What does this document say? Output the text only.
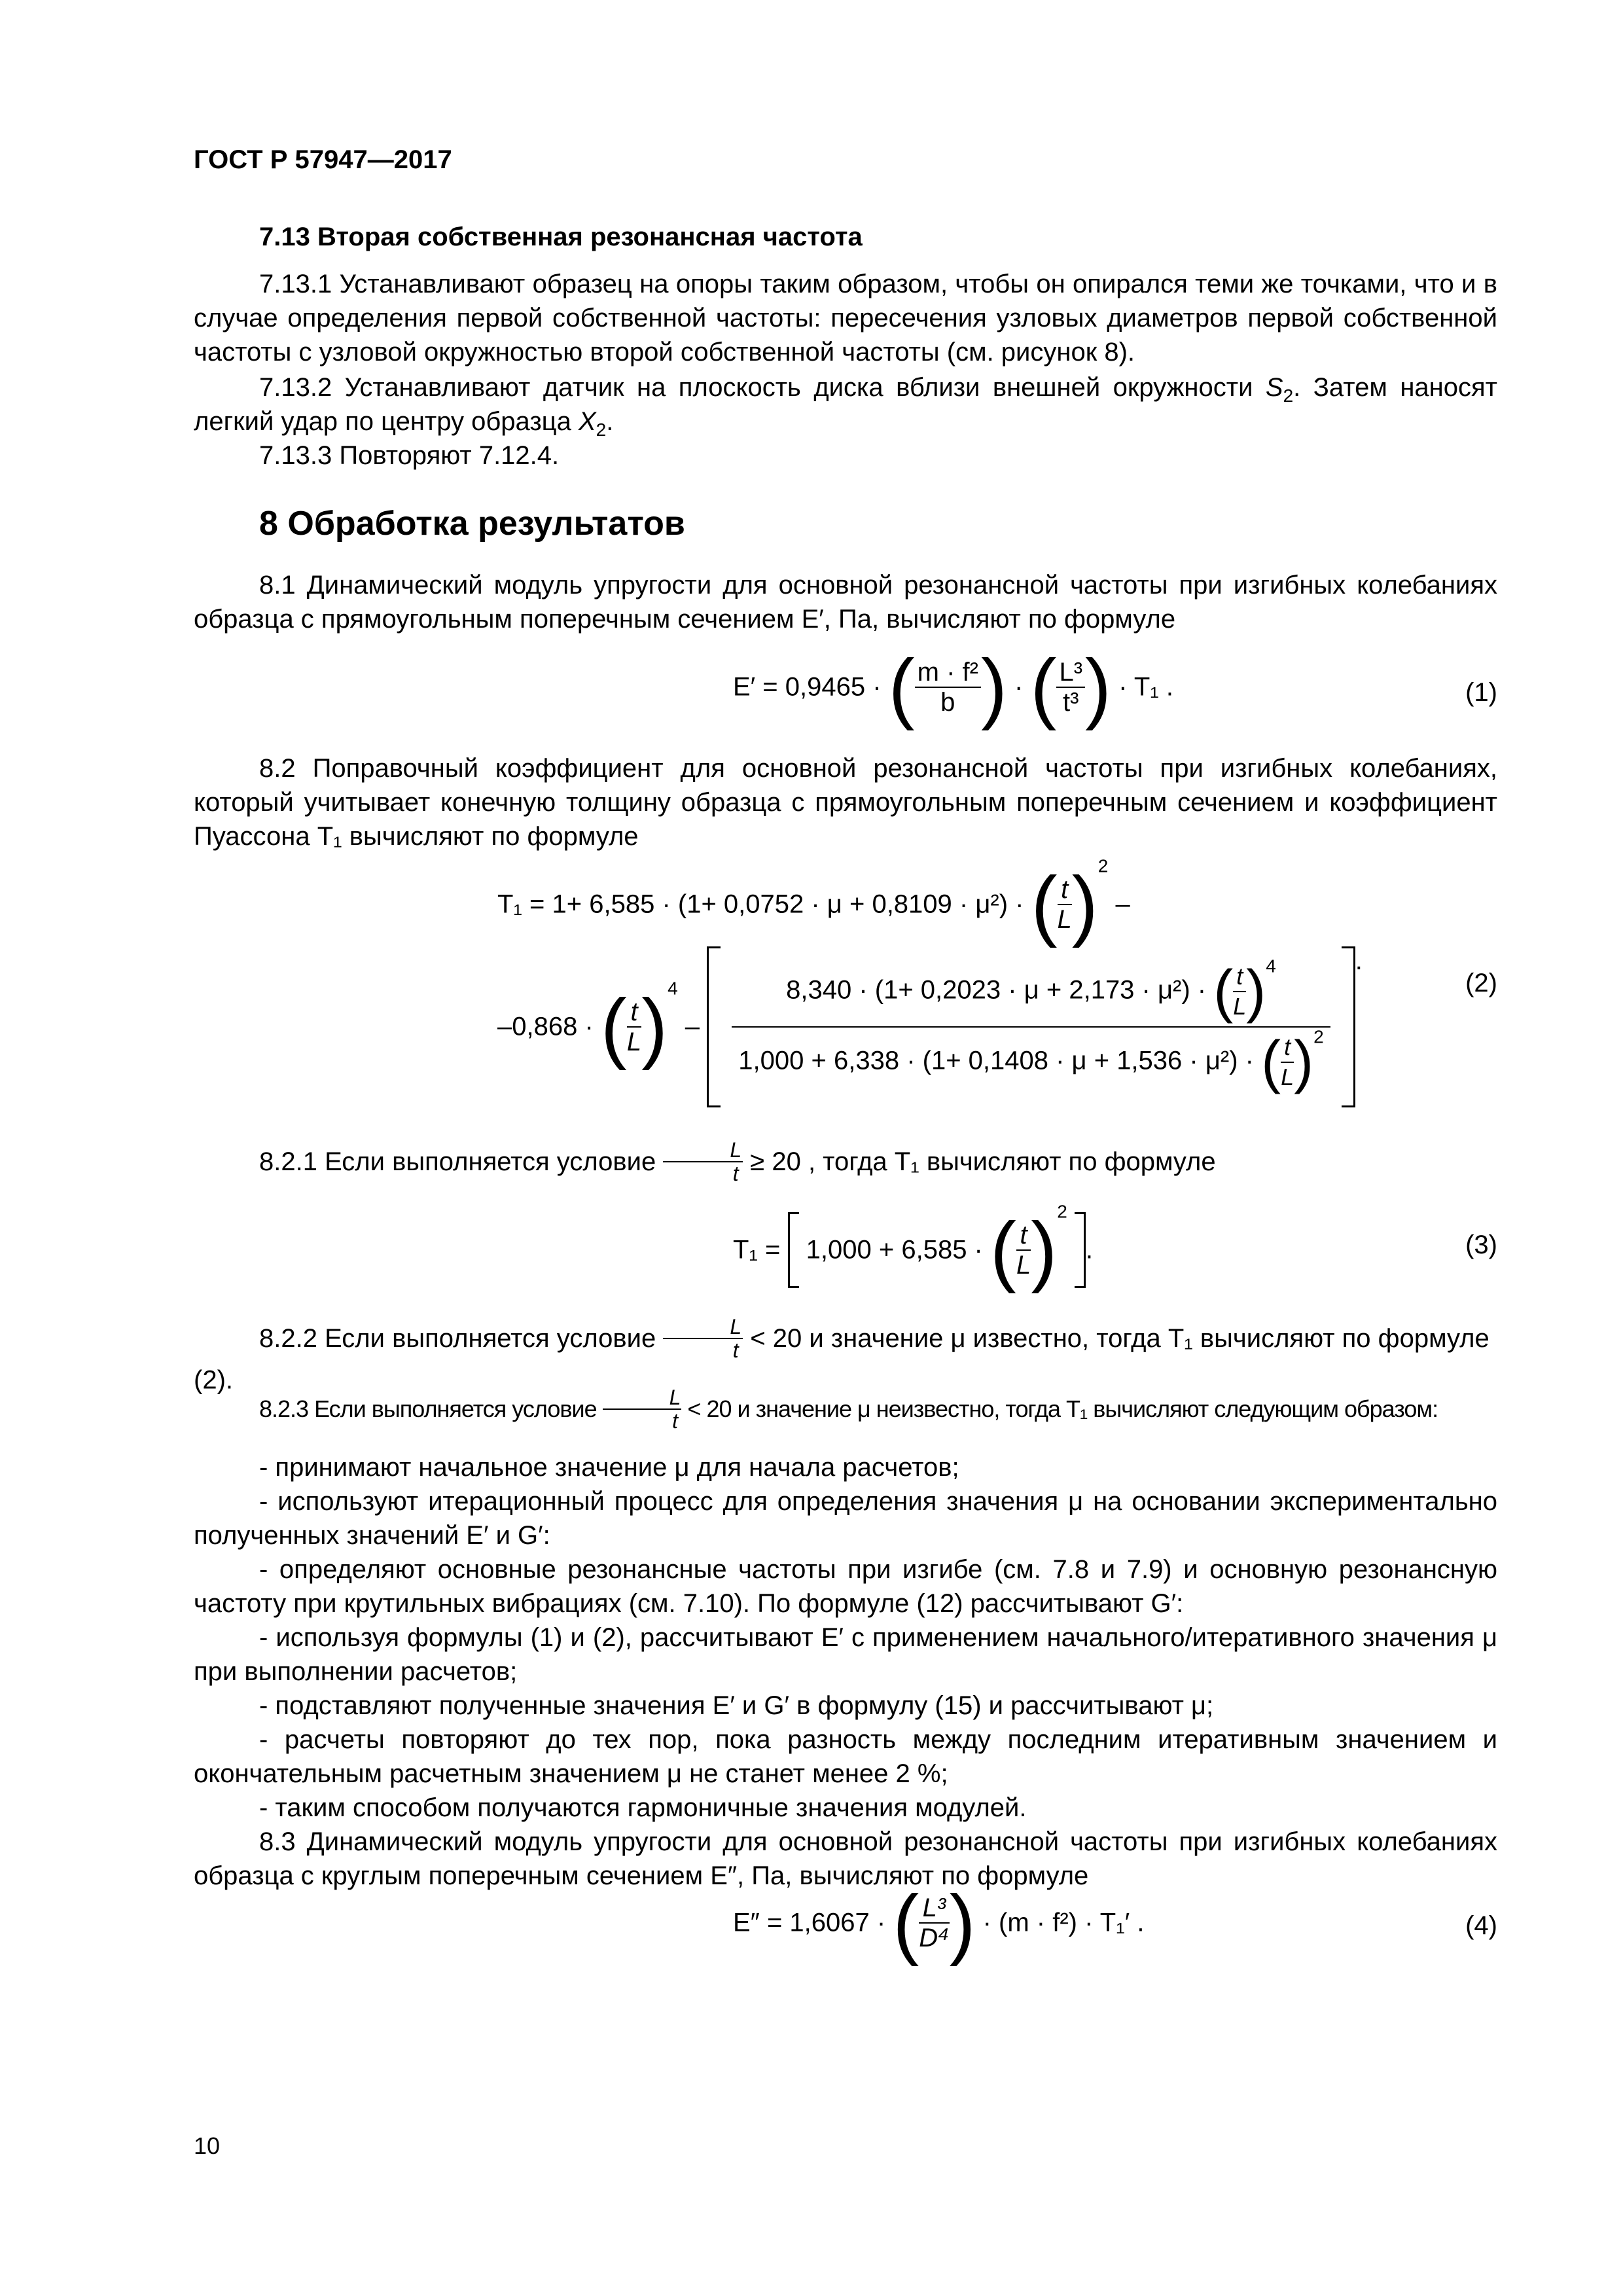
ГОСТ Р 57947—2017
7.13 Вторая собственная резонансная частота
7.13.1 Устанавливают образец на опоры таким образом, чтобы он опирался теми же точками, что и в случае определения первой собственной частоты: пересечения узловых диаметров первой собственной частоты с узловой окружностью второй собственной частоты (см. рисунок 8).
7.13.2 Устанавливают датчик на плоскость диска вблизи внешней окружности $S_2$. Затем наносят легкий удар по центру образца $X_2$.
7.13.3 Повторяют 7.12.4.
8 Обработка результатов
8.1 Динамический модуль упругости для основной резонансной частоты при изгибных колебаниях образца с прямоугольным поперечным сечением E′, Па, вычисляют по формуле
E′ = 0,9465 · ( $\frac{\text{m · f²}}{b}$ ) · ( $\frac{\text{L³}}{\text{t³}}$ ) · T₁ .	(1)
8.2 Поправочный коэффициент для основной резонансной частоты при изгибных колебаниях, который учитывает конечную толщину образца с прямоугольным поперечным сечением и коэффициент Пуассона T₁ вычисляют по формуле
T₁ = 1+ 6,585 · (1+ 0,0752 · μ + 0,8109 · μ²) · ( $\frac{t}{L} )^2$ –
–0,868 · ( $\frac{t}{L} )^4 - \frac{8,340 \cdot (1+ 0,2023 \cdot \mu + 2,173 \cdot \mu^2) \cdot ( \frac{t}{L} )^4}{1,000 + 6,338 \cdot (1+ 0,1408 \cdot \mu + 1,536 \cdot \mu^2) \cdot ( \frac{t}{L} )^2}$ .
(2)
8.2.1 Если выполняется условие $\frac{L}{t} \ge 20$ , тогда T₁ вычисляют по формуле
T₁ = 1,000 + 6,585 · ( $\frac{t}{L} )^2$ .	(3)
8.2.2 Если выполняется условие $\frac{L}{t} < 20$ и значение μ известно, тогда T₁ вычисляют по формуле (2).
8.2.3 Если выполняется условие $\frac{L}{t} < 20$ и значение μ неизвестно, тогда T₁ вычисляют следующим образом:
- принимают начальное значение μ для начала расчетов;
- используют итерационный процесс для определения значения μ на основании экспериментально полученных значений E′ и G′:
- определяют основные резонансные частоты при изгибе (см. 7.8 и 7.9) и основную резонансную частоту при крутильных вибрациях (см. 7.10). По формуле (12) рассчитывают G′:
- используя формулы (1) и (2), рассчитывают E′ с применением начального/итеративного значения μ при выполнении расчетов;
- подставляют полученные значения E′ и G′ в формулу (15) и рассчитывают μ;
- расчеты повторяют до тех пор, пока разность между последним итеративным значением и окончательным расчетным значением μ не станет менее 2 %;
- таким способом получаются гармоничные значения модулей.
8.3 Динамический модуль упругости для основной резонансной частоты при изгибных колебаниях образца с круглым поперечным сечением E″, Па, вычисляют по формуле
E″ = 1,6067 · ( $\frac{\text{L³}}{\text{D⁴}}$ ) · (m · f²) · T₁′ .	(4)
10
